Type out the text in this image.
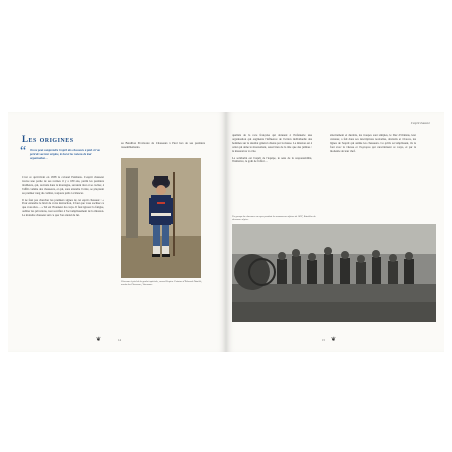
Les origines
“ On ne peut comprendre l'esprit des chasseurs à pied si l'on perd de vue leur origine, le but et les raisons de leur organisation…

C'est ce qu'écrivait en 1838 le colonel Paixhans. L'esprit chasseur trouve une partie de ses racines il y a 180 ans, parmi les premiers tirailleurs, qui, recrutés dans la montagne, savaient tirer et se cacher, à l'affût comme des chasseurs, et qui, sans attendre l'ordre, se plaçaient au premier rang du combat, toujours prêts à s'élancer.

Il ne faut pas chercher les premiers signes de cet esprit chasseur : « Pour entendre le bruit de votre instruction, il faut que vous sachiez ce que vous êtes… » Tel est l'honneur du corps. Il faut ignorer la fatigue, oublier les privations, tout sacrifier à l'accomplissement de la mission. Le moindre chasseur sait ce que l'on attend de lui.

au Bataillon Provisoire de Chasseurs à Pied lors de ses premiers rassemblements.

Chasseur à pied de la garde impériale, second Empire. Peinture d'Édouard Detaille, musée des Chasseurs, Vincennes.

❦	14
L'esprit chasseur

qualités de la race française qui donnent à l'infanterie une organisation qui augmente l'influence de l'action individuelle des hommes sur le résultat général obtenu par la masse. La mission est à celui qui aime le mouvement, aussi bien de la tête que des jambes : la manœuvre va vite.

La solidarité est l'esprit de l'équipe, le sens de la responsabilité, l'initiative, le goût de l'effort…

sincèrement et durable, les troupes sont simples, le Duc d'Orléans, leur créateur, a fait dans ses descriptions nouvelles, abstraits et vivaces, les lignes de l'esprit qui anime les chasseurs. Ce qu'ils accomplissent, ils le font avec la vitesse et l'à-propos qui caractérisent ce corps, et par la modestie de leur chef.

Un groupe de chasseurs au repos pendant les manœuvres alpines de 1897, Bataillon de chasseurs alpins.

❦
15
